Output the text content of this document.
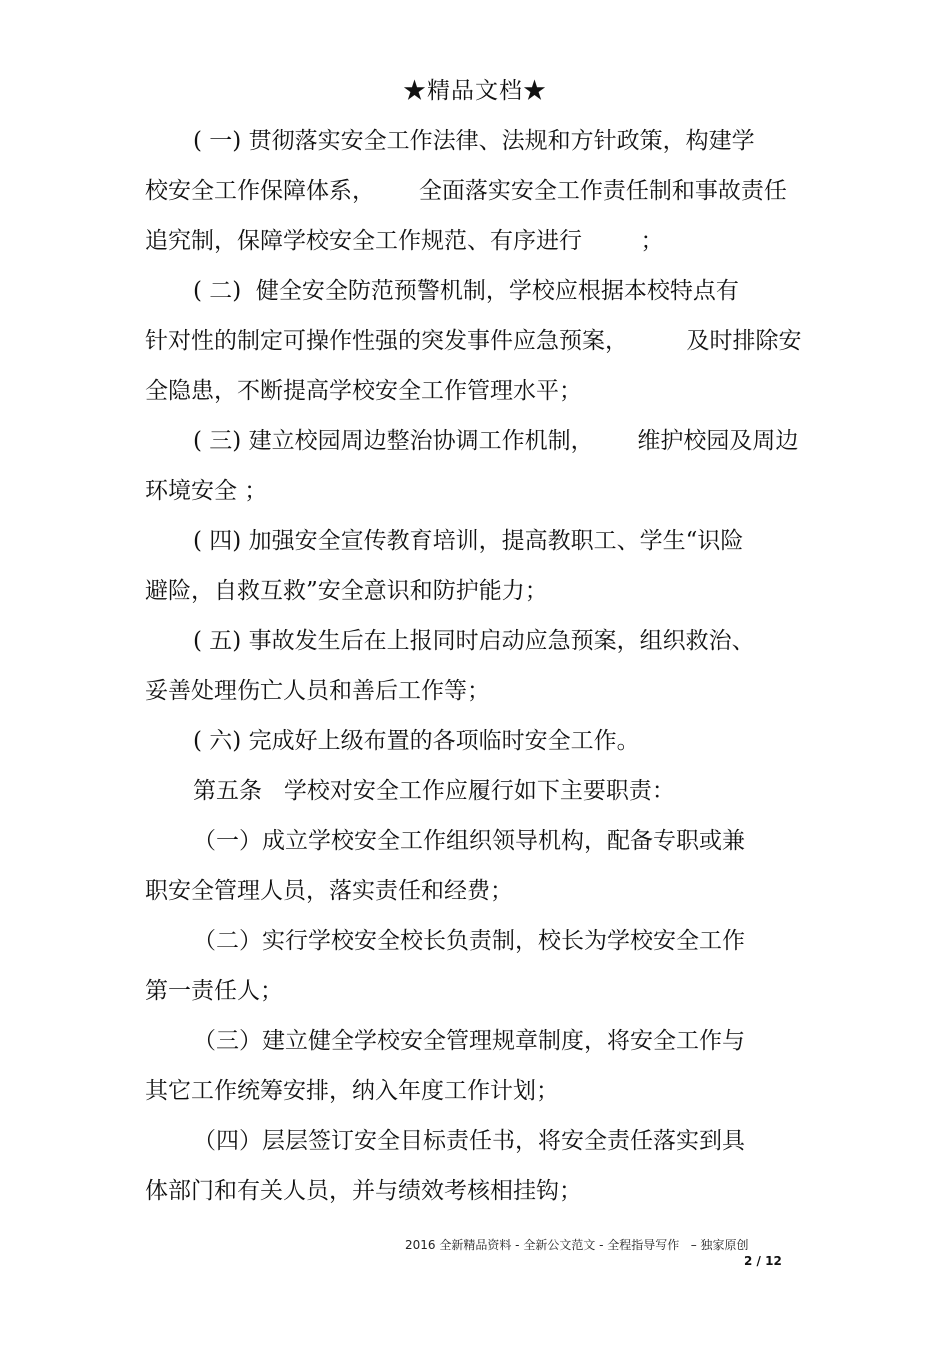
★精品文档★
( 一) 贯彻落实安全工作法律、法规和方针政策，构建学
校安全工作保障体系，      全面落实安全工作责任制和事故责任
追究制，保障学校安全工作规范、有序进行        ；
( 二)  健全安全防范预警机制，学校应根据本校特点有
针对性的制定可操作性强的突发事件应急预案，        及时排除安
全隐患，不断提高学校安全工作管理水平；
( 三) 建立校园周边整治协调工作机制，      维护校园及周边
环境安全 ；
( 四) 加强安全宣传教育培训，提高教职工、学生“识险
避险，自救互救”安全意识和防护能力；
( 五) 事故发生后在上报同时启动应急预案，组织救治、
妥善处理伤亡人员和善后工作等；
( 六) 完成好上级布置的各项临时安全工作。
第五条   学校对安全工作应履行如下主要职责：
（一）成立学校安全工作组织领导机构，配备专职或兼
职安全管理人员，落实责任和经费；
（二）实行学校安全校长负责制，校长为学校安全工作
第一责任人；
（三）建立健全学校安全管理规章制度，将安全工作与
其它工作统筹安排，纳入年度工作计划；
（四）层层签订安全目标责任书，将安全责任落实到具
体部门和有关人员，并与绩效考核相挂钩；
2016 全新精品资料 - 全新公文范文 - 全程指导写作   – 独家原创
2 / 12
